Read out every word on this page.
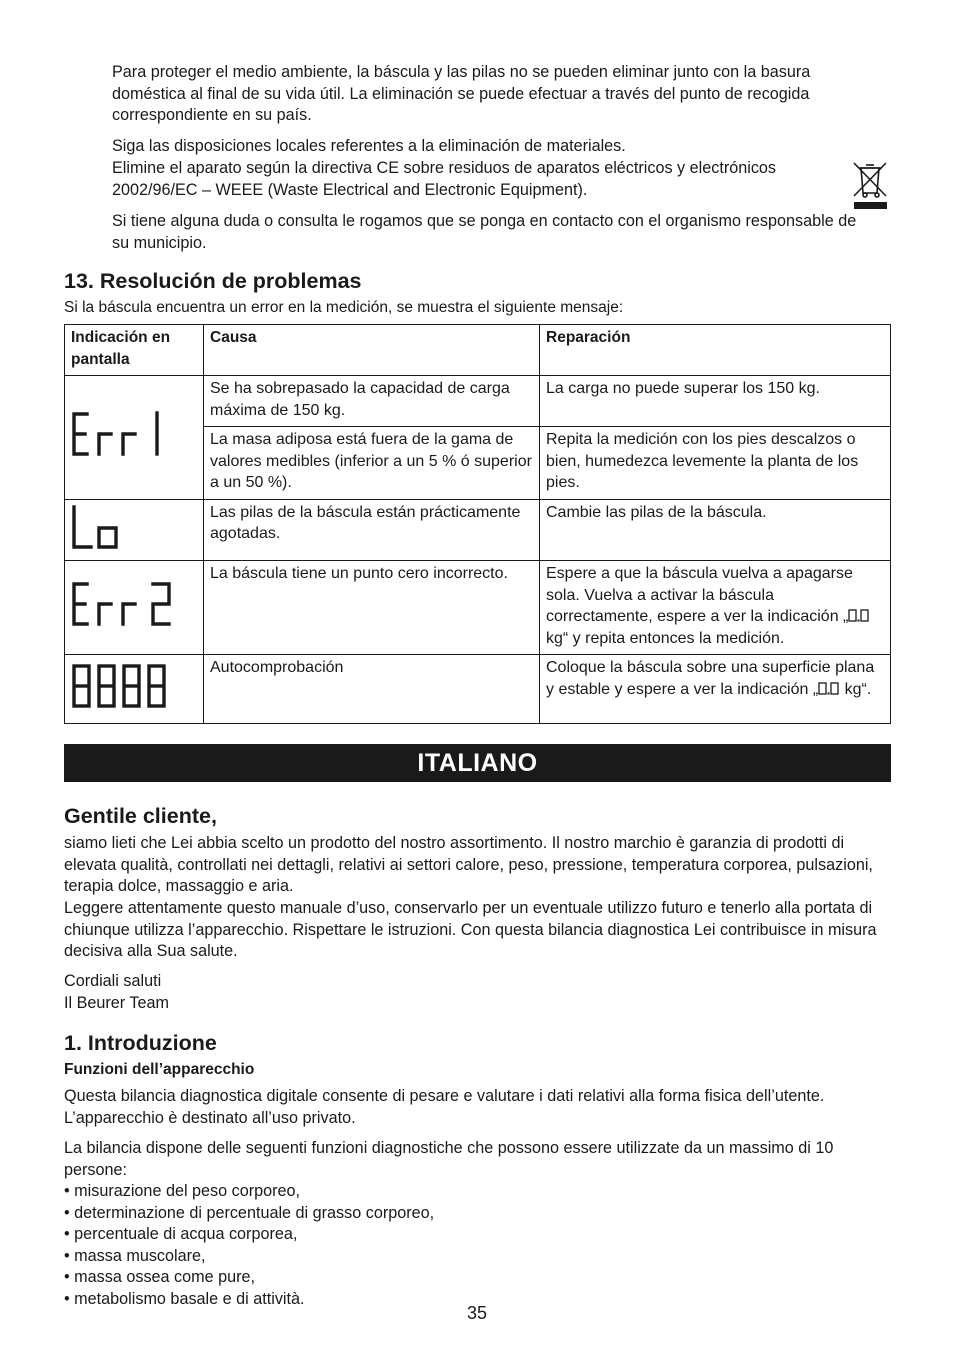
Para proteger el medio ambiente, la báscula y las pilas no se pueden eliminar junto con la basura doméstica al final de su vida útil. La eliminación se puede efectuar a través del punto de recogida correspondiente en su país.

Siga las disposiciones locales referentes a la eliminación de materiales.

Elimine el aparato según la directiva CE sobre residuos de aparatos eléctricos y electrónicos 2002/96/EC – WEEE (Waste Electrical and Electronic Equipment).

Si tiene alguna duda o consulta le rogamos que se ponga en contacto con el organismo responsable de su municipio.

13. Resolución de problemas

Si la báscula encuentra un error en la medición, se muestra el siguiente mensaje:

Indicación en pantalla	Causa	Reparación
	Se ha sobrepasado la capacidad de carga máxima de 150 kg.	La carga no puede superar los 150 kg.
	La masa adiposa está fuera de la gama de valores medibles (inferior a un 5 % ó superior a un 50 %).	Repita la medición con los pies descalzos o bien, humedezca levemente la planta de los pies.
	Las pilas de la báscula están prácticamente agotadas.	Cambie las pilas de la báscula.
	La báscula tiene un punto cero incorrecto.	Espere a que la báscula vuelva a apagarse sola. Vuelva a activar la báscula correctamente, espere a ver la indicación „ kg“ y repita entonces la medición.
	Autocomprobación	Coloque la báscula sobre una superficie plana y estable y espere a ver la indicación „ kg“.
ITALIANO
Gentile cliente,

siamo lieti che Lei abbia scelto un prodotto del nostro assortimento. Il nostro marchio è garanzia di prodotti di elevata qualità, controllati nei dettagli, relativi ai settori calore, peso, pressione, temperatura corporea, pulsazioni, terapia dolce, massaggio e aria.

Leggere attentamente questo manuale d’uso, conservarlo per un eventuale utilizzo futuro e tenerlo alla portata di chiunque utilizza l’apparecchio. Rispettare le istruzioni. Con questa bilancia diagnostica Lei contribuisce in misura decisiva alla Sua salute.

Cordiali saluti

Il Beurer Team

1. Introduzione

Funzioni dell’apparecchio

Questa bilancia diagnostica digitale consente di pesare e valutare i dati relativi alla forma fisica dell’utente. L’apparecchio è destinato all’uso privato.

La bilancia dispone delle seguenti funzioni diagnostiche che possono essere utilizzate da un massimo di 10 persone:

• misurazione del peso corporeo,
• determinazione di percentuale di grasso corporeo,
• percentuale di acqua corporea,
• massa muscolare,
• massa ossea come pure,
• metabolismo basale e di attività.
35
